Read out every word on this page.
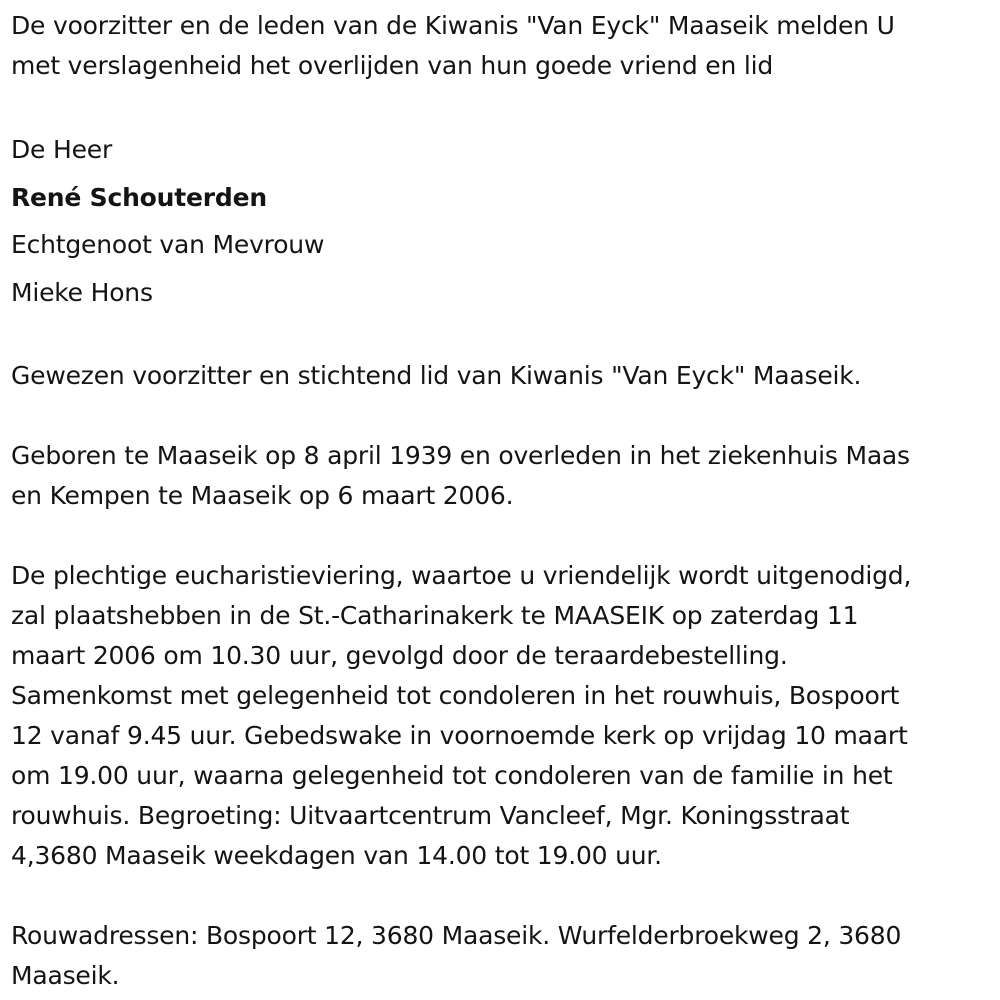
De voorzitter en de leden van de Kiwanis "Van Eyck" Maaseik melden U
met verslagenheid het overlijden van hun goede vriend en lid

De Heer
René Schouterden
Echtgenoot van Mevrouw
Mieke Hons

Gewezen voorzitter en stichtend lid van Kiwanis "Van Eyck" Maaseik.

Geboren te Maaseik op 8 april 1939 en overleden in het ziekenhuis Maas
en Kempen te Maaseik op 6 maart 2006.

De plechtige eucharistieviering, waartoe u vriendelijk wordt uitgenodigd,
zal plaatshebben in de St.-Catharinakerk te MAASEIK op zaterdag 11
maart 2006 om 10.30 uur, gevolgd door de teraardebestelling.
Samenkomst met gelegenheid tot condoleren in het rouwhuis, Bospoort
12 vanaf 9.45 uur. Gebedswake in voornoemde kerk op vrijdag 10 maart
om 19.00 uur, waarna gelegenheid tot condoleren van de familie in het
rouwhuis. Begroeting: Uitvaartcentrum Vancleef, Mgr. Koningsstraat
4,3680 Maaseik weekdagen van 14.00 tot 19.00 uur.

Rouwadressen: Bospoort 12, 3680 Maaseik. Wurfelderbroekweg 2, 3680
Maaseik.
